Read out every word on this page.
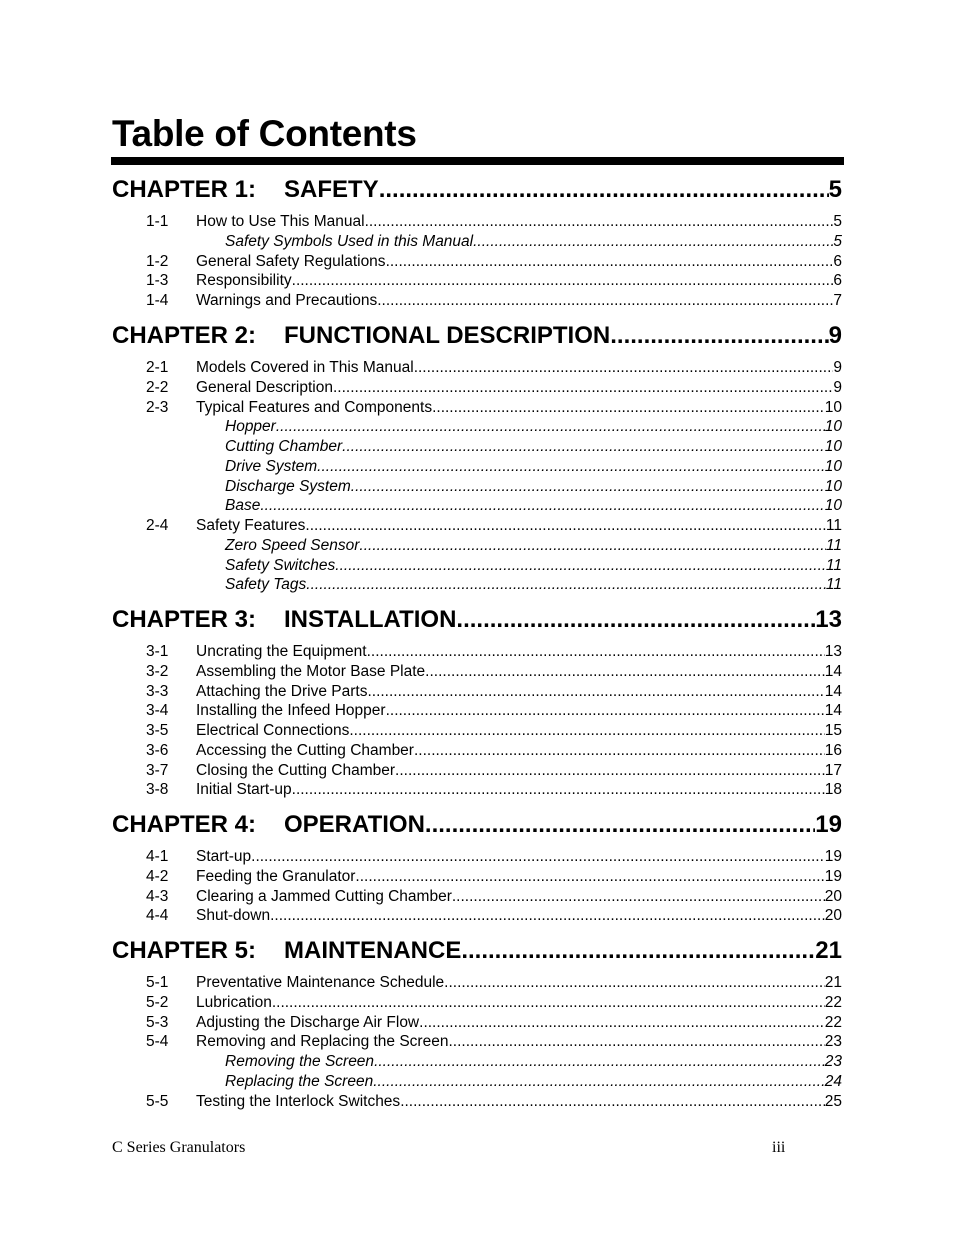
Table of Contents
CHAPTER 1:	SAFETY .....	5
1-1 How to Use This Manual .....	5
Safety Symbols Used in this Manual .....	5
1-2 General Safety Regulations .....	6
1-3 Responsibility .....	6
1-4 Warnings and Precautions .....	7
CHAPTER 2:	FUNCTIONAL DESCRIPTION .....	9
2-1 Models Covered in This Manual .....	9
2-2 General Description .....	9
2-3 Typical Features and Components .....	10
Hopper .....	10
Cutting Chamber .....	10
Drive System .....	10
Discharge System .....	10
Base .....	10
2-4 Safety Features .....	11
Zero Speed Sensor .....	11
Safety Switches .....	11
Safety Tags .....	11
CHAPTER 3:	INSTALLATION .....	13
3-1 Uncrating the Equipment .....	13
3-2 Assembling the Motor Base Plate .....	14
3-3 Attaching the Drive Parts .....	14
3-4 Installing the Infeed Hopper .....	14
3-5 Electrical Connections .....	15
3-6 Accessing the Cutting Chamber .....	16
3-7 Closing the Cutting Chamber .....	17
3-8 Initial Start-up .....	18
CHAPTER 4:	OPERATION .....	19
4-1 Start-up .....	19
4-2 Feeding the Granulator .....	19
4-3 Clearing a Jammed Cutting Chamber .....	20
4-4 Shut-down .....	20
CHAPTER 5:	MAINTENANCE .....	21
5-1 Preventative Maintenance Schedule .....	21
5-2 Lubrication .....	22
5-3 Adjusting the Discharge Air Flow .....	22
5-4 Removing and Replacing the Screen .....	23
Removing the Screen .....	23
Replacing the Screen .....	24
5-5 Testing the Interlock Switches .....	25
C Series Granulators	iii
